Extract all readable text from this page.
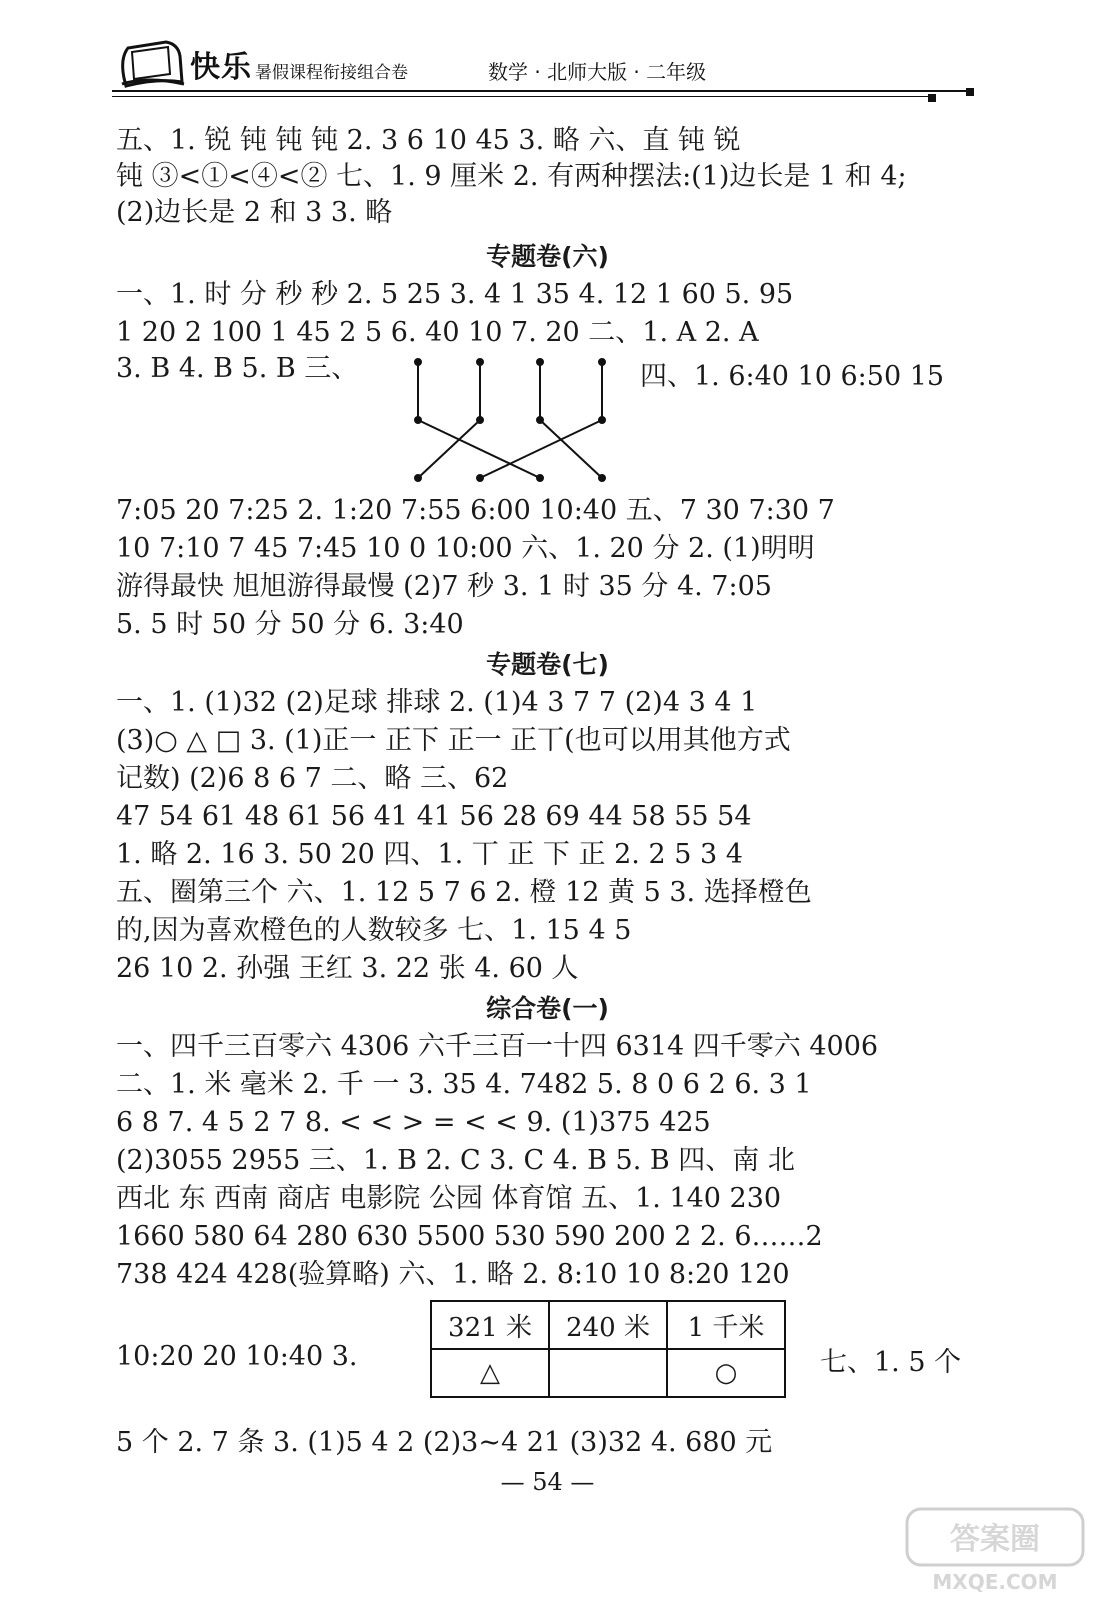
快乐 暑假课程衔接组合卷	数学 · 北师大版 · 二年级
五、1. 锐 钝 钝 钝 2. 3 6 10 45 3. 略 六、直 钝 锐
钝 ③<①<④<② 七、1. 9 厘米 2. 有两种摆法:(1)边长是 1 和 4;
(2)边长是 2 和 3 3. 略
专题卷(六)
一、1. 时 分 秒 秒 2. 5 25 3. 4 1 35 4. 12 1 60 5. 95
1 20 2 100 1 45 2 5 6. 40 10 7. 20 二、1. A 2. A
3. B 4. B 5. B 三、	四、1. 6:40 10 6:50 15
7:05 20 7:25 2. 1:20 7:55 6:00 10:40 五、7 30 7:30 7
10 7:10 7 45 7:45 10 0 10:00 六、1. 20 分 2. (1)明明
游得最快 旭旭游得最慢 (2)7 秒 3. 1 时 35 分 4. 7:05
5. 5 时 50 分 50 分 6. 3:40
专题卷(七)
一、1. (1)32 (2)足球 排球 2. (1)4 3 7 7 (2)4 3 4 1
(3)○ △ □ 3. (1)正一 正下 正一 正丅(也可以用其他方式
记数) (2)6 8 6 7 二、略 三、62
47 54 61 48 61 56 41 41 56 28 69 44 58 55 54
1. 略 2. 16 3. 50 20 四、1. 丅 正 下 正 2. 2 5 3 4
五、圈第三个 六、1. 12 5 7 6 2. 橙 12 黄 5 3. 选择橙色
的,因为喜欢橙色的人数较多 七、1. 15 4 5
26 10 2. 孙强 王红 3. 22 张 4. 60 人
综合卷(一)
一、四千三百零六 4306 六千三百一十四 6314 四千零六 4006
二、1. 米 毫米 2. 千 一 3. 35 4. 7482 5. 8 0 6 2 6. 3 1
6 8 7. 4 5 2 7 8. < < > = < < 9. (1)375 425
(2)3055 2955 三、1. B 2. C 3. C 4. B 5. B 四、南 北
西北 东 西南 商店 电影院 公园 体育馆 五、1. 140 230
1660 580 64 280 630 5500 530 590 200 2 2. 6……2
738 424 428(验算略) 六、1. 略 2. 8:10 10 8:20 120
10:20 20 10:40 3.
321 米	240 米	1 千米
△		○	七、1. 5 个
5 个 2. 7 条 3. (1)5 4 2 (2)3~4 21 (3)32 4. 680 元
— 54 —
答案圈
MXQE.COM
